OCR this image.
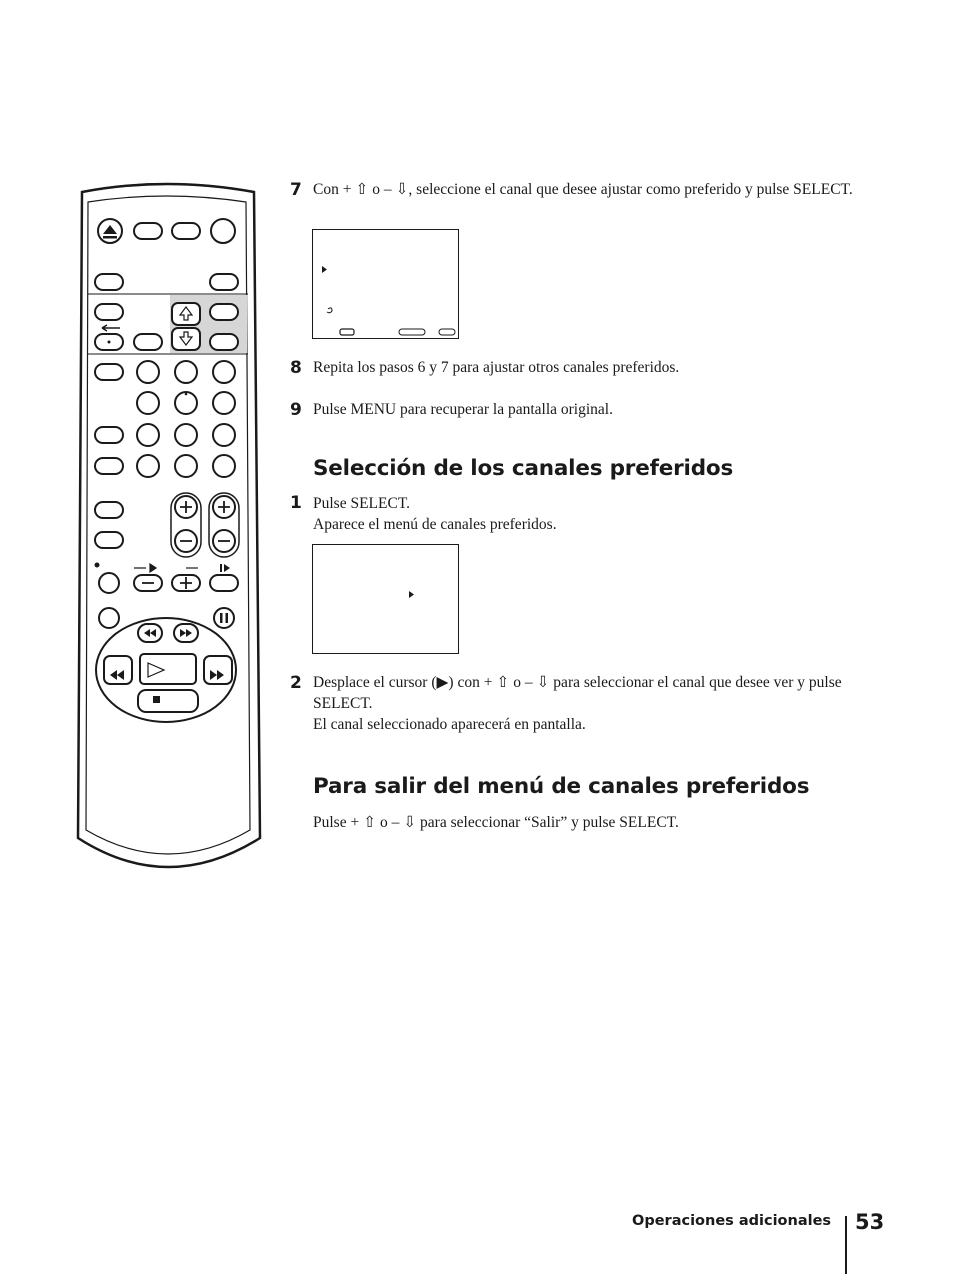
7 Con + ⇧ o – ⇩, seleccione el canal que desee ajustar como preferido y pulse SELECT.
8 Repita los pasos 6 y 7 para ajustar otros canales preferidos.
9 Pulse MENU para recuperar la pantalla original.
Selección de los canales preferidos
1 Pulse SELECT.
Aparece el menú de canales preferidos.
2 Desplace el cursor (▶) con + ⇧ o – ⇩ para seleccionar el canal que desee ver y pulse SELECT.
El canal seleccionado aparecerá en pantalla.
Para salir del menú de canales preferidos
Pulse + ⇧ o – ⇩ para seleccionar “Salir” y pulse SELECT.
Operaciones adicionales 53
